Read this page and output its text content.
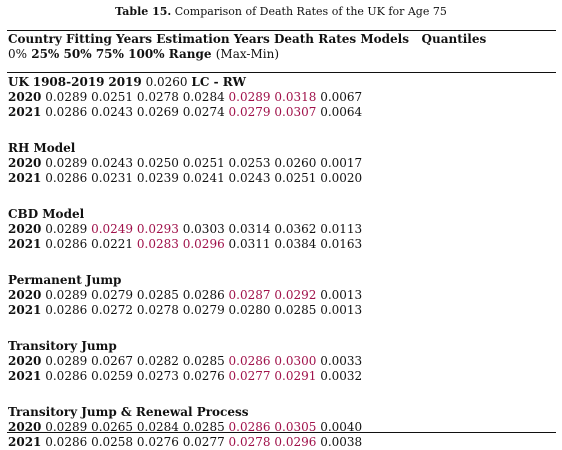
Table 15. Comparison of Death Rates of the UK for Age 75
Country Fitting Years Estimation Years Death Rates Models Quantiles
0% 25% 50% 75% 100% Range (Max-Min)
UK 1908-2019 2019 0.0260 LC - RW
2020 0.0289 0.0251 0.0278 0.0284 0.0289 0.0318 0.0067
2021 0.0286 0.0243 0.0269 0.0274 0.0279 0.0307 0.0064
RH Model
2020 0.0289 0.0243 0.0250 0.0251 0.0253 0.0260 0.0017
2021 0.0286 0.0231 0.0239 0.0241 0.0243 0.0251 0.0020
CBD Model
2020 0.0289 0.0249 0.0293 0.0303 0.0314 0.0362 0.0113
2021 0.0286 0.0221 0.0283 0.0296 0.0311 0.0384 0.0163
Permanent Jump
2020 0.0289 0.0279 0.0285 0.0286 0.0287 0.0292 0.0013
2021 0.0286 0.0272 0.0278 0.0279 0.0280 0.0285 0.0013
Transitory Jump
2020 0.0289 0.0267 0.0282 0.0285 0.0286 0.0300 0.0033
2021 0.0286 0.0259 0.0273 0.0276 0.0277 0.0291 0.0032
Transitory Jump & Renewal Process
2020 0.0289 0.0265 0.0284 0.0285 0.0286 0.0305 0.0040
2021 0.0286 0.0258 0.0276 0.0277 0.0278 0.0296 0.0038
